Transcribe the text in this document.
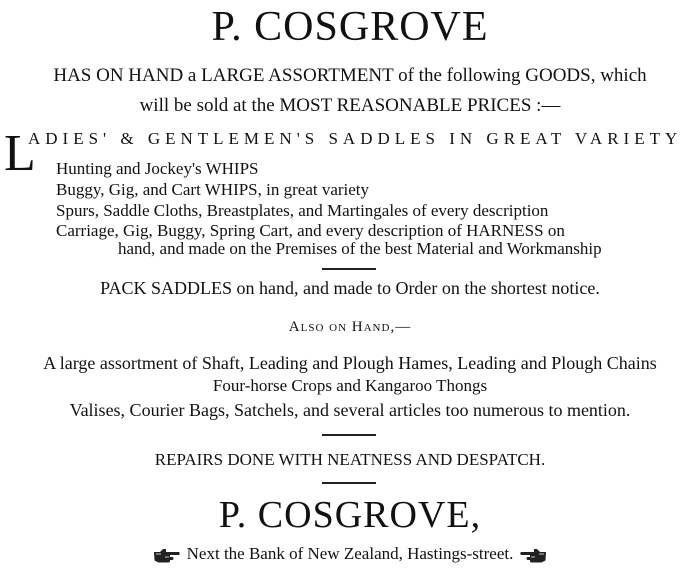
P. COSGROVE
HAS ON HAND a LARGE ASSORTMENT of the following GOODS, which
will be sold at the MOST REASONABLE PRICES :—
L
ADIES' & GENTLEMEN'S SADDLES IN GREAT VARIETY
Hunting and Jockey's WHIPS
Buggy, Gig, and Cart WHIPS, in great variety
Spurs, Saddle Cloths, Breastplates, and Martingales of every description
Carriage, Gig, Buggy, Spring Cart, and every description of HARNESS on
hand, and made on the Premises of the best Material and Workmanship
PACK SADDLES on hand, and made to Order on the shortest notice.
Also on Hand,—
A large assortment of Shaft, Leading and Plough Hames, Leading and Plough Chains
Four-horse Crops and Kangaroo Thongs
Valises, Courier Bags, Satchels, and several articles too numerous to mention.
REPAIRS DONE WITH NEATNESS AND DESPATCH.
P. COSGROVE,
Next the Bank of New Zealand, Hastings-street.
